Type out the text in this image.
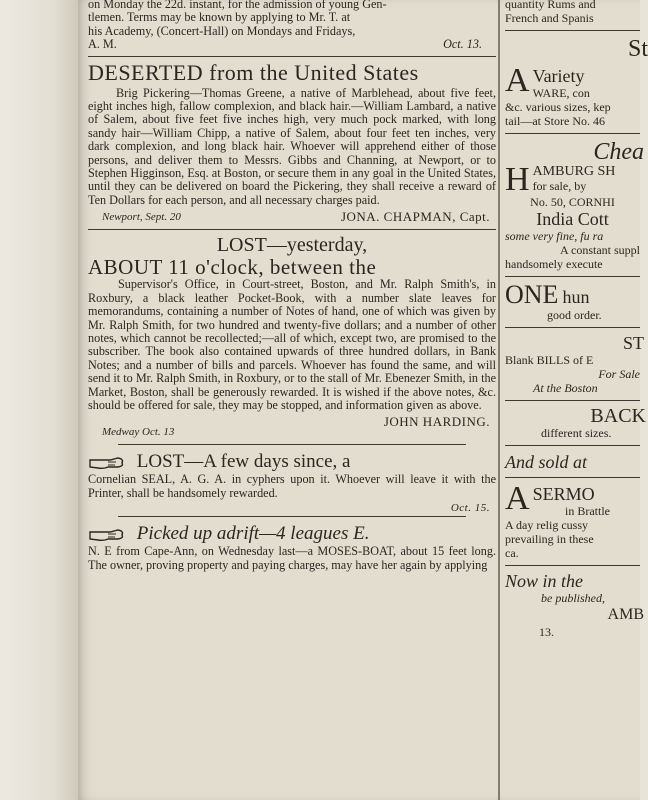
on Monday the 22d. instant, for the admission of young Gen-

tlemen. Terms may be known by applying to Mr. T. at

his Academy, (Concert-Hall) on Mondays and Fridays,

A. M.	Oct. 13.

DESERTED from the United States

Brig Pickering—Thomas Greene, a native of Marblehead, about five feet, eight inches high, fallow complexion, and black hair.—William Lambard, a native of Salem, about five feet five inches high, very much pock marked, with long sandy hair—William Chipp, a native of Salem, about four feet ten inches, very dark complexion, and long black hair. Whoever will apprehend either of those persons, and deliver them to Messrs. Gibbs and Channing, at Newport, or to Stephen Higginson, Esq. at Boston, or secure them in any goal in the United States, until they can be delivered on board the Pickering, they shall receive a reward of Ten Dollars for each person, and all necessary charges paid.

JONA. CHAPMAN, Capt.
Newport, Sept. 20
LOST—yesterday,
ABOUT 11 o'clock, between the

Supervisor's Office, in Court-street, Boston, and Mr. Ralph Smith's, in Roxbury, a black leather Pocket-Book, with a number slate leaves for memorandums, containing a number of Notes of hand, one of which was given by Mr. Ralph Smith, for two hundred and twenty-five dollars; and a number of other notes, which cannot be recollected;—all of which, except two, are promised to the subscriber. The book also contained upwards of three hundred dollars, in Bank Notes; and a number of bills and parcels. Whoever has found the same, and will send it to Mr. Ralph Smith, in Roxbury, or to the stall of Mr. Ebenezer Smith, in the Market, Boston, shall be generously rewarded. It is wished if the above notes, &c. should be offered for sale, they may be stopped, and information given as above.

JOHN HARDING.
Medway Oct. 13
LOST—A few days since, a

Cornelian SEAL, A. G. A. in cyphers upon it. Whoever will leave it with the Printer, shall be handsomely rewarded.

Oct. 15.
Picked up adrift—4 leagues E.

N. E from Cape-Ann, on Wednesday last—a MOSES-BOAT, about 15 feet long. The owner, proving property and paying charges, may have her again by applying

quantity Rums and

French and Spanis

St
A Variety

WARE, con

&c. various sizes, kep

tail—at Store No. 46

Chea
H AMBURG SH

for sale, by

No. 50, CORNHI

India Cott

some very fine, fu ra

A constant suppl

handsomely execute

ONE hun

good order.

ST

Blank BILLS of E

For Sale

At the Boston

BACK

different sizes.

And sold at
A SERMO

in Brattle

A day relig cussy

prevailing in these

ca.

Now in the

be published,

AMB

13.
